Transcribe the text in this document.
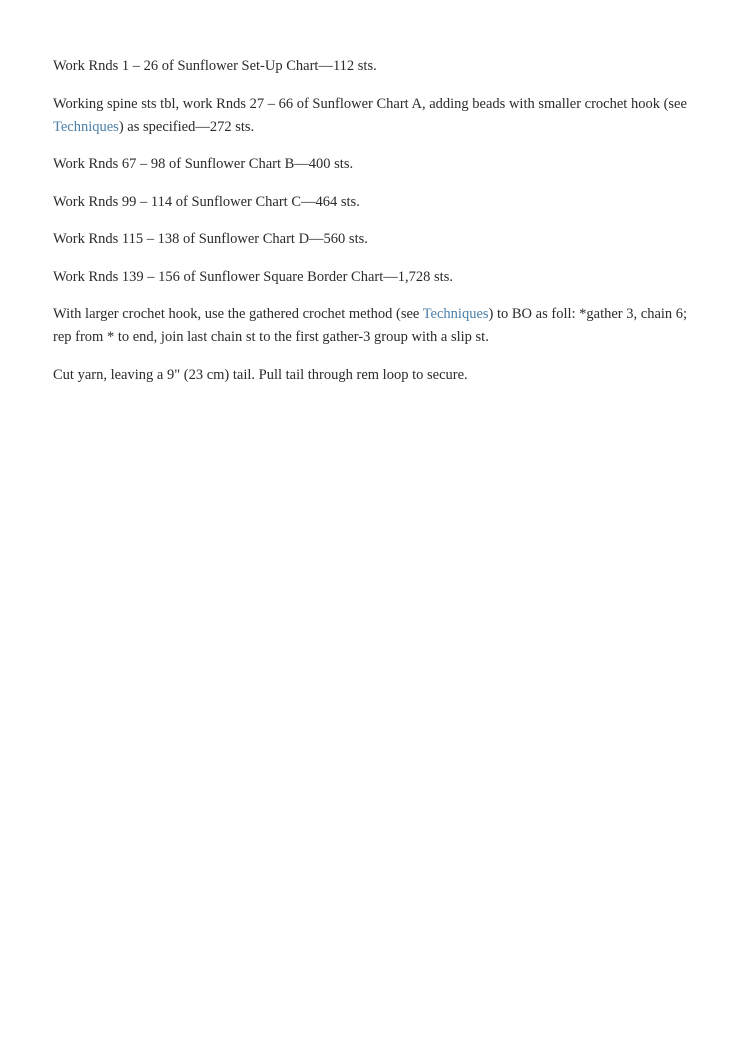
Work Rnds 1 – 26 of Sunflower Set-Up Chart—112 sts.

Working spine sts tbl, work Rnds 27 – 66 of Sunflower Chart A, adding beads with smaller crochet hook (see Techniques) as specified—272 sts.

Work Rnds 67 – 98 of Sunflower Chart B—400 sts.

Work Rnds 99 – 114 of Sunflower Chart C—464 sts.

Work Rnds 115 – 138 of Sunflower Chart D—560 sts.

Work Rnds 139 – 156 of Sunflower Square Border Chart—1,728 sts.

With larger crochet hook, use the gathered crochet method (see Techniques) to BO as foll: *gather 3, chain 6; rep from * to end, join last chain st to the first gather-3 group with a slip st.

Cut yarn, leaving a 9" (23 cm) tail. Pull tail through rem loop to secure.
